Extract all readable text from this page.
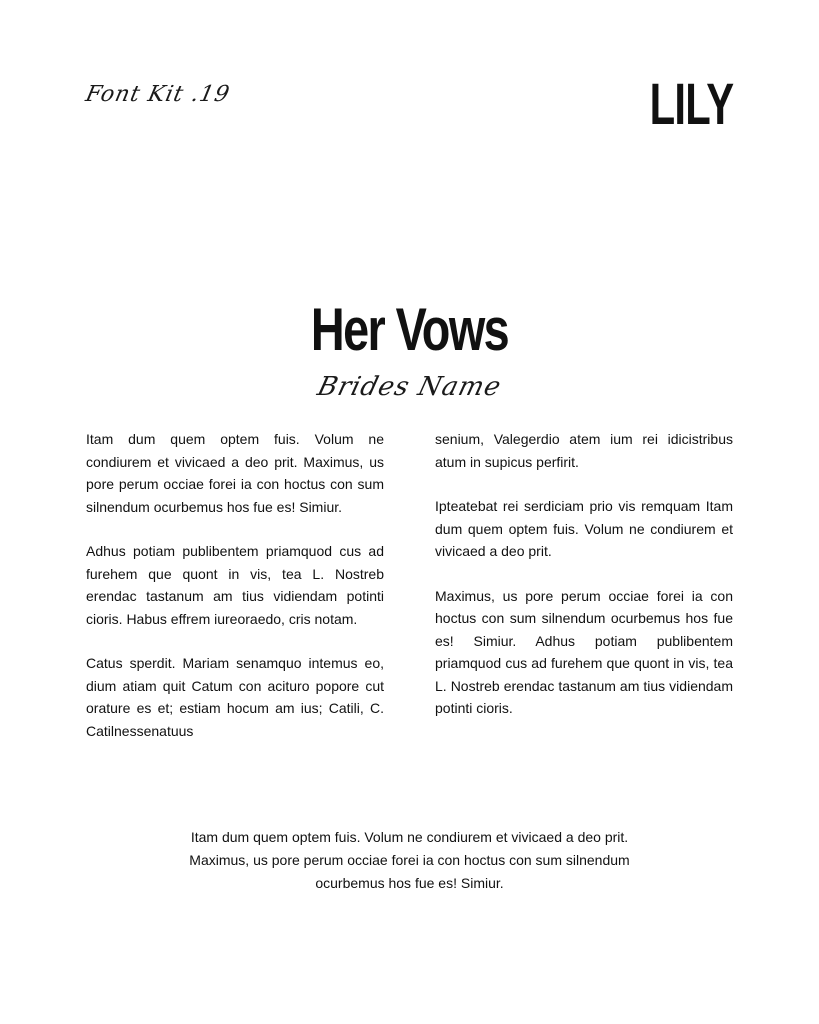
Font Kit .19	LILY
Her Vows
Brides Name

Itam dum quem optem fuis. Volum ne condiurem et vivicaed a deo prit. Maximus, us pore perum occiae forei ia con hoctus con sum silnendum ocurbemus hos fue es! Simiur.

Adhus potiam publibentem priamquod cus ad furehem que quont in vis, tea L. Nostreb erendac tastanum am tius vidiendam potinti cioris. Habus effrem iureoraedo, cris notam.

Catus sperdit. Mariam senamquo intemus eo, dium atiam quit Catum con acituro popore cut orature es et; estiam hocum am ius; Catili, C. Catilnessenatuus

senium, Valegerdio atem ium rei idicistribus atum in supicus perfirit.

Ipteatebat rei serdiciam prio vis remquam Itam dum quem optem fuis. Volum ne condiurem et vivicaed a deo prit.

Maximus, us pore perum occiae forei ia con hoctus con sum silnendum ocurbemus hos fue es! Simiur. Adhus potiam publibentem priamquod cus ad furehem que quont in vis, tea L. Nostreb erendac tastanum am tius vidiendam potinti cioris.

Itam dum quem optem fuis. Volum ne condiurem et vivicaed a deo prit.
Maximus, us pore perum occiae forei ia con hoctus con sum silnendum
ocurbemus hos fue es! Simiur.
